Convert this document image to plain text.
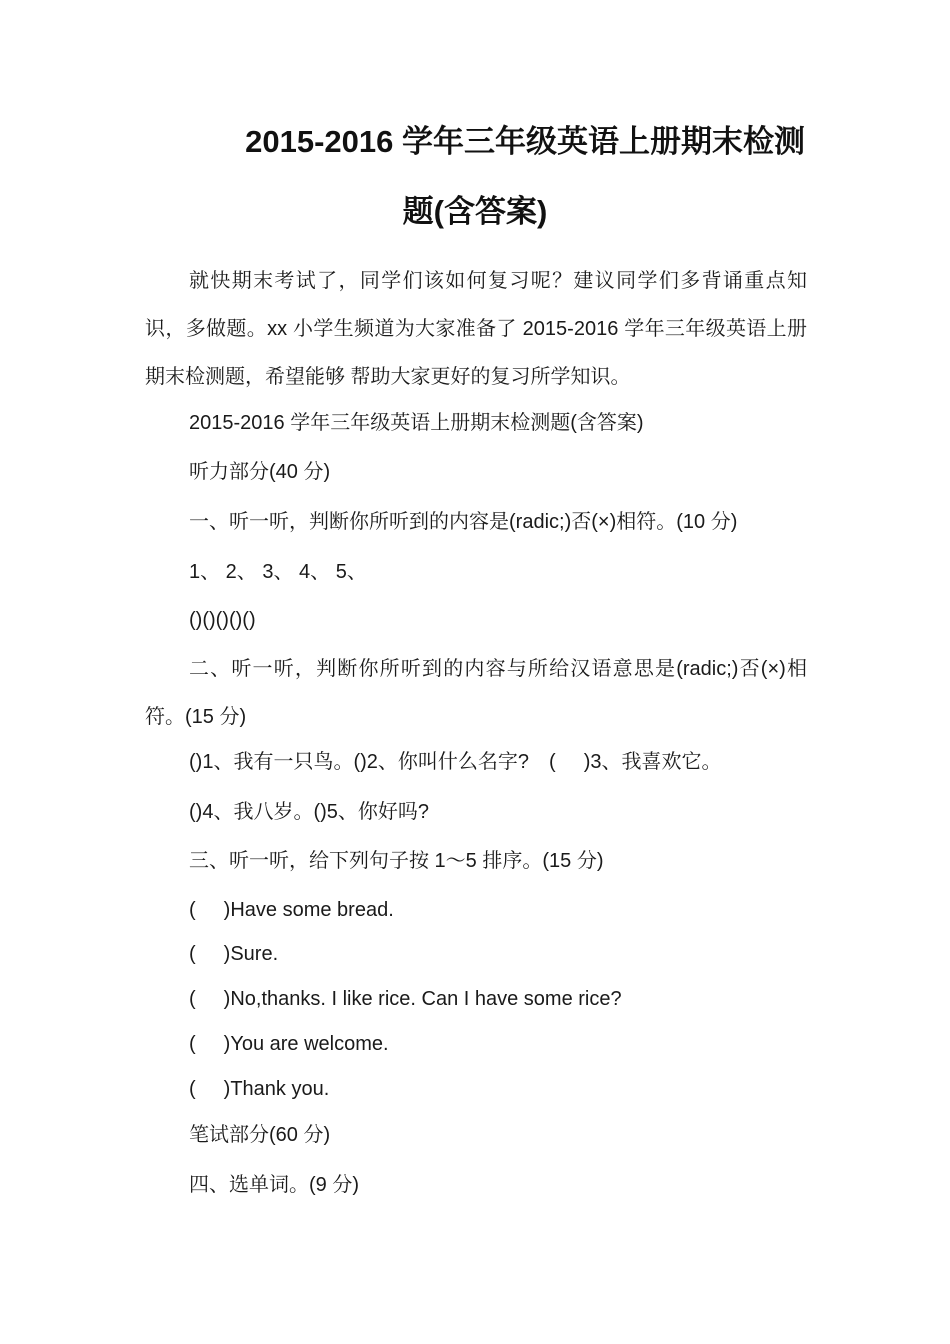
2015-2016 学年三年级英语上册期末检测
题(含答案)
就快期末考试了，同学们该如何复习呢？建议同学们多背诵重点知识，多做题。xx 小学生频道为大家准备了 2015-2016 学年三年级英语上册期末检测题，希望能够 帮助大家更好的复习所学知识。
2015-2016 学年三年级英语上册期末检测题(含答案)
听力部分(40 分)
一、听一听，判断你所听到的内容是(radic;)否(×)相符。(10 分)
1、 2、 3、 4、 5、
()()()()()
二、听一听，判断你所听到的内容与所给汉语意思是(radic;)否(×)相符。(15 分)
()1、我有一只鸟。()2、你叫什么名字? ( )3、我喜欢它。
()4、我八岁。()5、你好吗?
三、听一听，给下列句子按 1～5 排序。(15 分)
( )Have some bread.
( )Sure.
( )No,thanks. I like rice. Can I have some rice?
( )You are welcome.
( )Thank you.
笔试部分(60 分)
四、选单词。(9 分)
